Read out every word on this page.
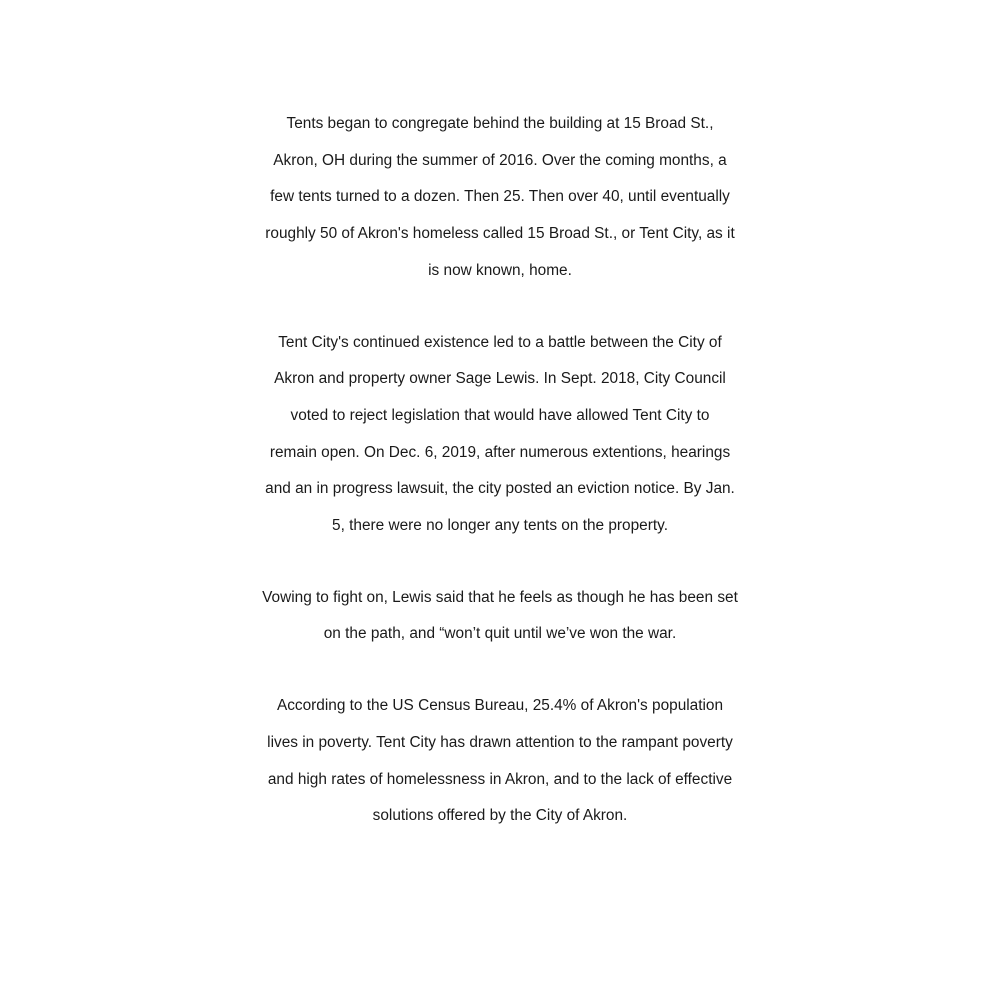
Tents began to congregate behind the building at 15 Broad St.,
Akron, OH during the summer of 2016. Over the coming months, a
few tents turned to a dozen. Then 25. Then over 40, until eventually
roughly 50 of Akron's homeless called 15 Broad St., or Tent City, as it
is now known, home.

Tent City's continued existence led to a battle between the City of
Akron and property owner Sage Lewis. In Sept. 2018, City Council
voted to reject legislation that would have allowed Tent City to
remain open. On Dec. 6, 2019, after numerous extentions, hearings
and an in progress lawsuit, the city posted an eviction notice. By Jan.
5, there were no longer any tents on the property.

Vowing to fight on, Lewis said that he feels as though he has been set
on the path, and “won’t quit until we’ve won the war.

According to the US Census Bureau, 25.4% of Akron's population
lives in poverty. Tent City has drawn attention to the rampant poverty
and high rates of homelessness in Akron, and to the lack of effective
solutions offered by the City of Akron.
